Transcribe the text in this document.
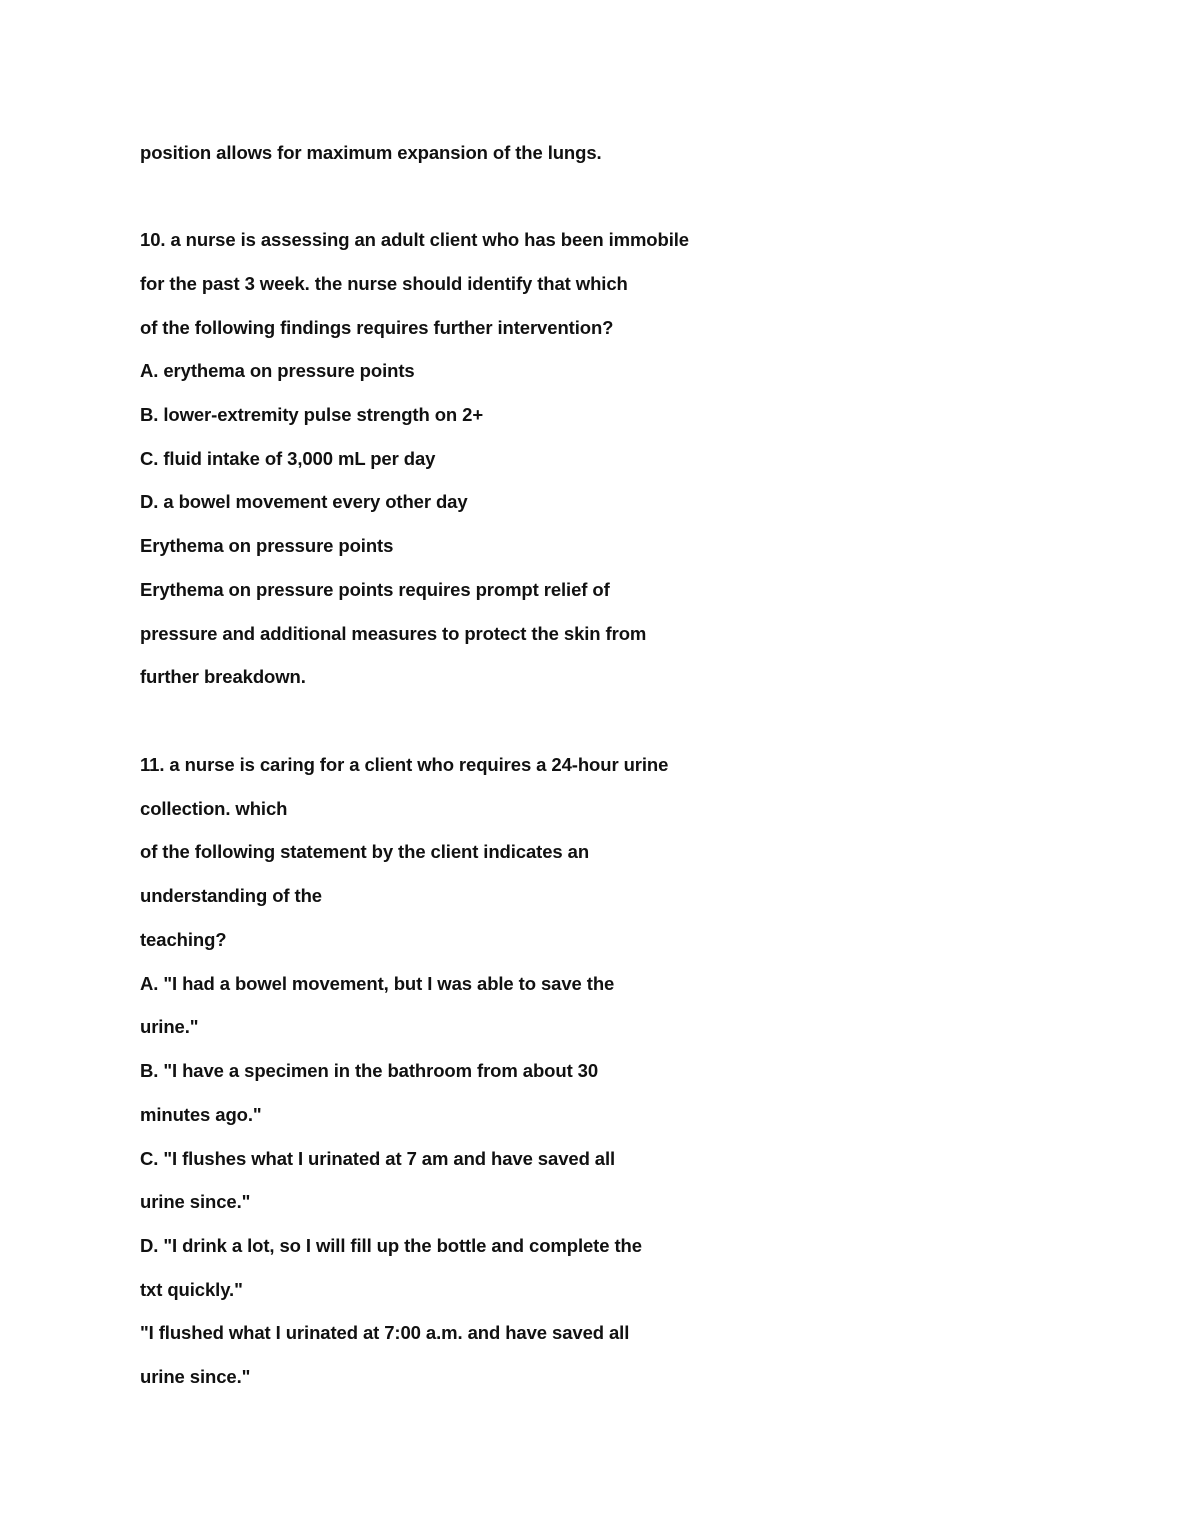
position allows for maximum expansion of the lungs.

10. a nurse is assessing an adult client who has been immobile

for the past 3 week. the nurse should identify that which

of the following findings requires further intervention?

A. erythema on pressure points

B. lower-extremity pulse strength on 2+

C. fluid intake of 3,000 mL per day

D. a bowel movement every other day

Erythema on pressure points

Erythema on pressure points requires prompt relief of

pressure and additional measures to protect the skin from

further breakdown.

11. a nurse is caring for a client who requires a 24-hour urine

collection. which

of the following statement by the client indicates an

understanding of the

teaching?

A. "I had a bowel movement, but I was able to save the

urine."

B. "I have a specimen in the bathroom from about 30

minutes ago."

C. "I flushes what I urinated at 7 am and have saved all

urine since."

D. "I drink a lot, so I will fill up the bottle and complete the

txt quickly."

"I flushed what I urinated at 7:00 a.m. and have saved all

urine since."
